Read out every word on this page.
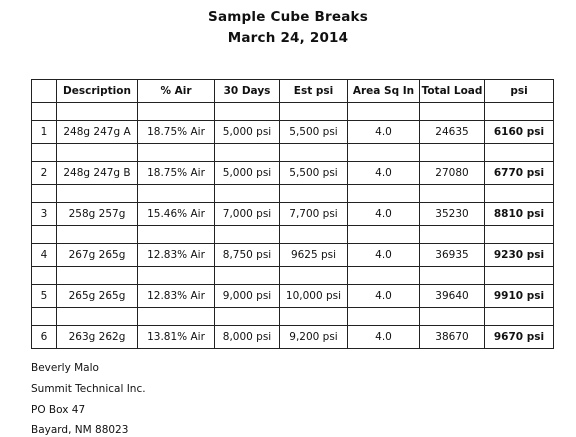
Sample Cube Breaks
March 24, 2014
	Description	% Air	30 Days	Est psi	Area Sq In	Total Load	psi

1	248g 247g A	18.75% Air	5,000 psi	5,500 psi	4.0	24635	6160 psi

2	248g 247g B	18.75% Air	5,000 psi	5,500 psi	4.0	27080	6770 psi

3	258g 257g	15.46% Air	7,000 psi	7,700 psi	4.0	35230	8810 psi

4	267g 265g	12.83% Air	8,750 psi	9625 psi	4.0	36935	9230 psi

5	265g 265g	12.83% Air	9,000 psi	10,000 psi	4.0	39640	9910 psi

6	263g 262g	13.81% Air	8,000 psi	9,200 psi	4.0	38670	9670 psi
Beverly Malo
Summit Technical Inc.
PO Box 47
Bayard, NM 88023
